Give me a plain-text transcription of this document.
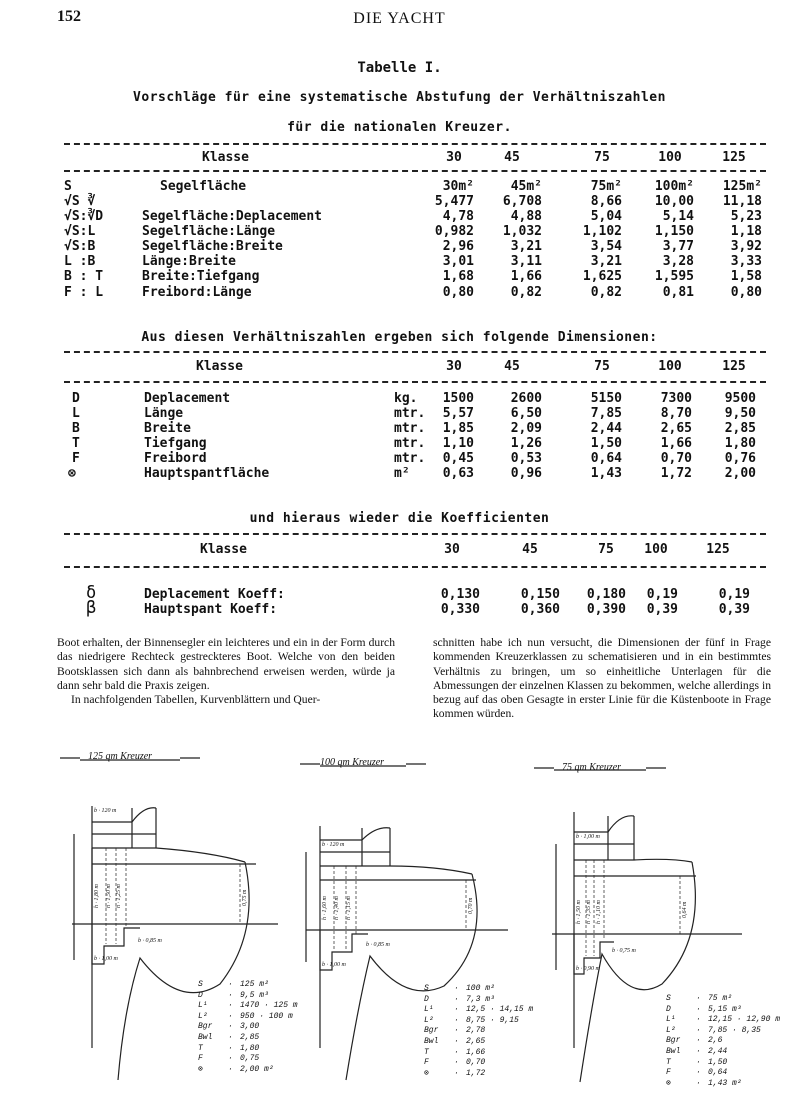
152	DIE YACHT
Tabelle I.
Vorschläge für eine systematische Abstufung der Verhältniszahlen
für die nationalen Kreuzer.
Klasse	30	45	75	100	125
S	Segelfläche	30m²	45m²	75m²	100m²	125m²
√S ∛	5,477	6,708	8,66	10,00	11,18
√S:∛D	Segelfläche:Deplacement	4,78	4,88	5,04	5,14	5,23
√S:L	Segelfläche:Länge	0,982	1,032	1,102	1,150	1,18
√S:B	Segelfläche:Breite	2,96	3,21	3,54	3,77	3,92
L :B	Länge:Breite	3,01	3,11	3,21	3,28	3,33
B : T	Breite:Tiefgang	1,68	1,66	1,625	1,595	1,58
F : L	Freibord:Länge	0,80	0,82	0,82	0,81	0,80
Aus diesen Verhältniszahlen ergeben sich folgende Dimensionen:
Klasse	30	45	75	100	125
D	Deplacement	kg.	1500	2600	5150	7300	9500
L	Länge	mtr.	5,57	6,50	7,85	8,70	9,50
B	Breite	mtr.	1,85	2,09	2,44	2,65	2,85
T	Tiefgang	mtr.	1,10	1,26	1,50	1,66	1,80
F	Freibord	mtr.	0,45	0,53	0,64	0,70	0,76
⊗	Hauptspantfläche	m²	0,63	0,96	1,43	1,72	2,00
und hieraus wieder die Koefficienten
Klasse	30	45	75	100	125
δ	Deplacement Koeff:	0,130	0,150	0,180	0,19	0,19
β	Hauptspant Koeff:	0,330	0,360	0,390	0,39	0,39

Boot erhalten, der Binnensegler ein leichteres und ein in der Form durch das niedrigere Rechteck gestreckteres Boot. Welche von den beiden Bootsklassen sich dann als bahnbrechend erweisen werden, würde ja dann sehr bald die Praxis zeigen.

In nachfolgenden Tabellen, Kurvenblättern und Quer-

schnitten habe ich nun versucht, die Dimensionen der fünf in Frage kommenden Kreuzerklassen zu schematisieren und in ein bestimmtes Verhältnis zu bringen, um so einheitliche Unterlagen für die Abmessungen der einzelnen Klassen zu bekommen, welche allerdings in bezug auf das oben Gesagte in erster Linie für die Küstenboote in Frage kommen würden.

125 qm Kreuzer
S	· 125 m²
D	· 9,5 m³
L¹	· 1470 · 125 m
L²	· 950 · 100 m
Bgr · 3,00
Bwl · 2,85
T	· 1,80
F	· 0,75
⊗	· 2,00 m²
b · 120 m
h · 1,80 m h · 1,50 m h · 1,25 m	0,75 m
b · 0,85 m
b · 1,00 m
100 qm Kreuzer
S	· 100 m²
D	· 7,3 m³
L¹	· 12,5 · 14,15 m
L²	· 8,75 · 9,15
Bgr · 2,78
Bwl · 2,65
T	· 1,66
F	· 0,70
⊗	· 1,72
b · 120 m
h · 1,60 m h · 1,40 m h · 1,15 m	0,70 m
b · 0,85 m
b · 1,00 m
75 qm Kreuzer
S	· 75 m²
D	· 5,15 m³
L¹	· 12,15 · 12,90 m
L²	· 7,85 · 8,35
Bgr · 2,6
Bwl · 2,44
T	· 1,50
F	· 0,64
⊗	· 1,43 m²
b · 1,00 m
h · 1,50 m h · 1,35 m h · 1,10 m	0,64 m
b · 0,75 m
b · 0,90 m
